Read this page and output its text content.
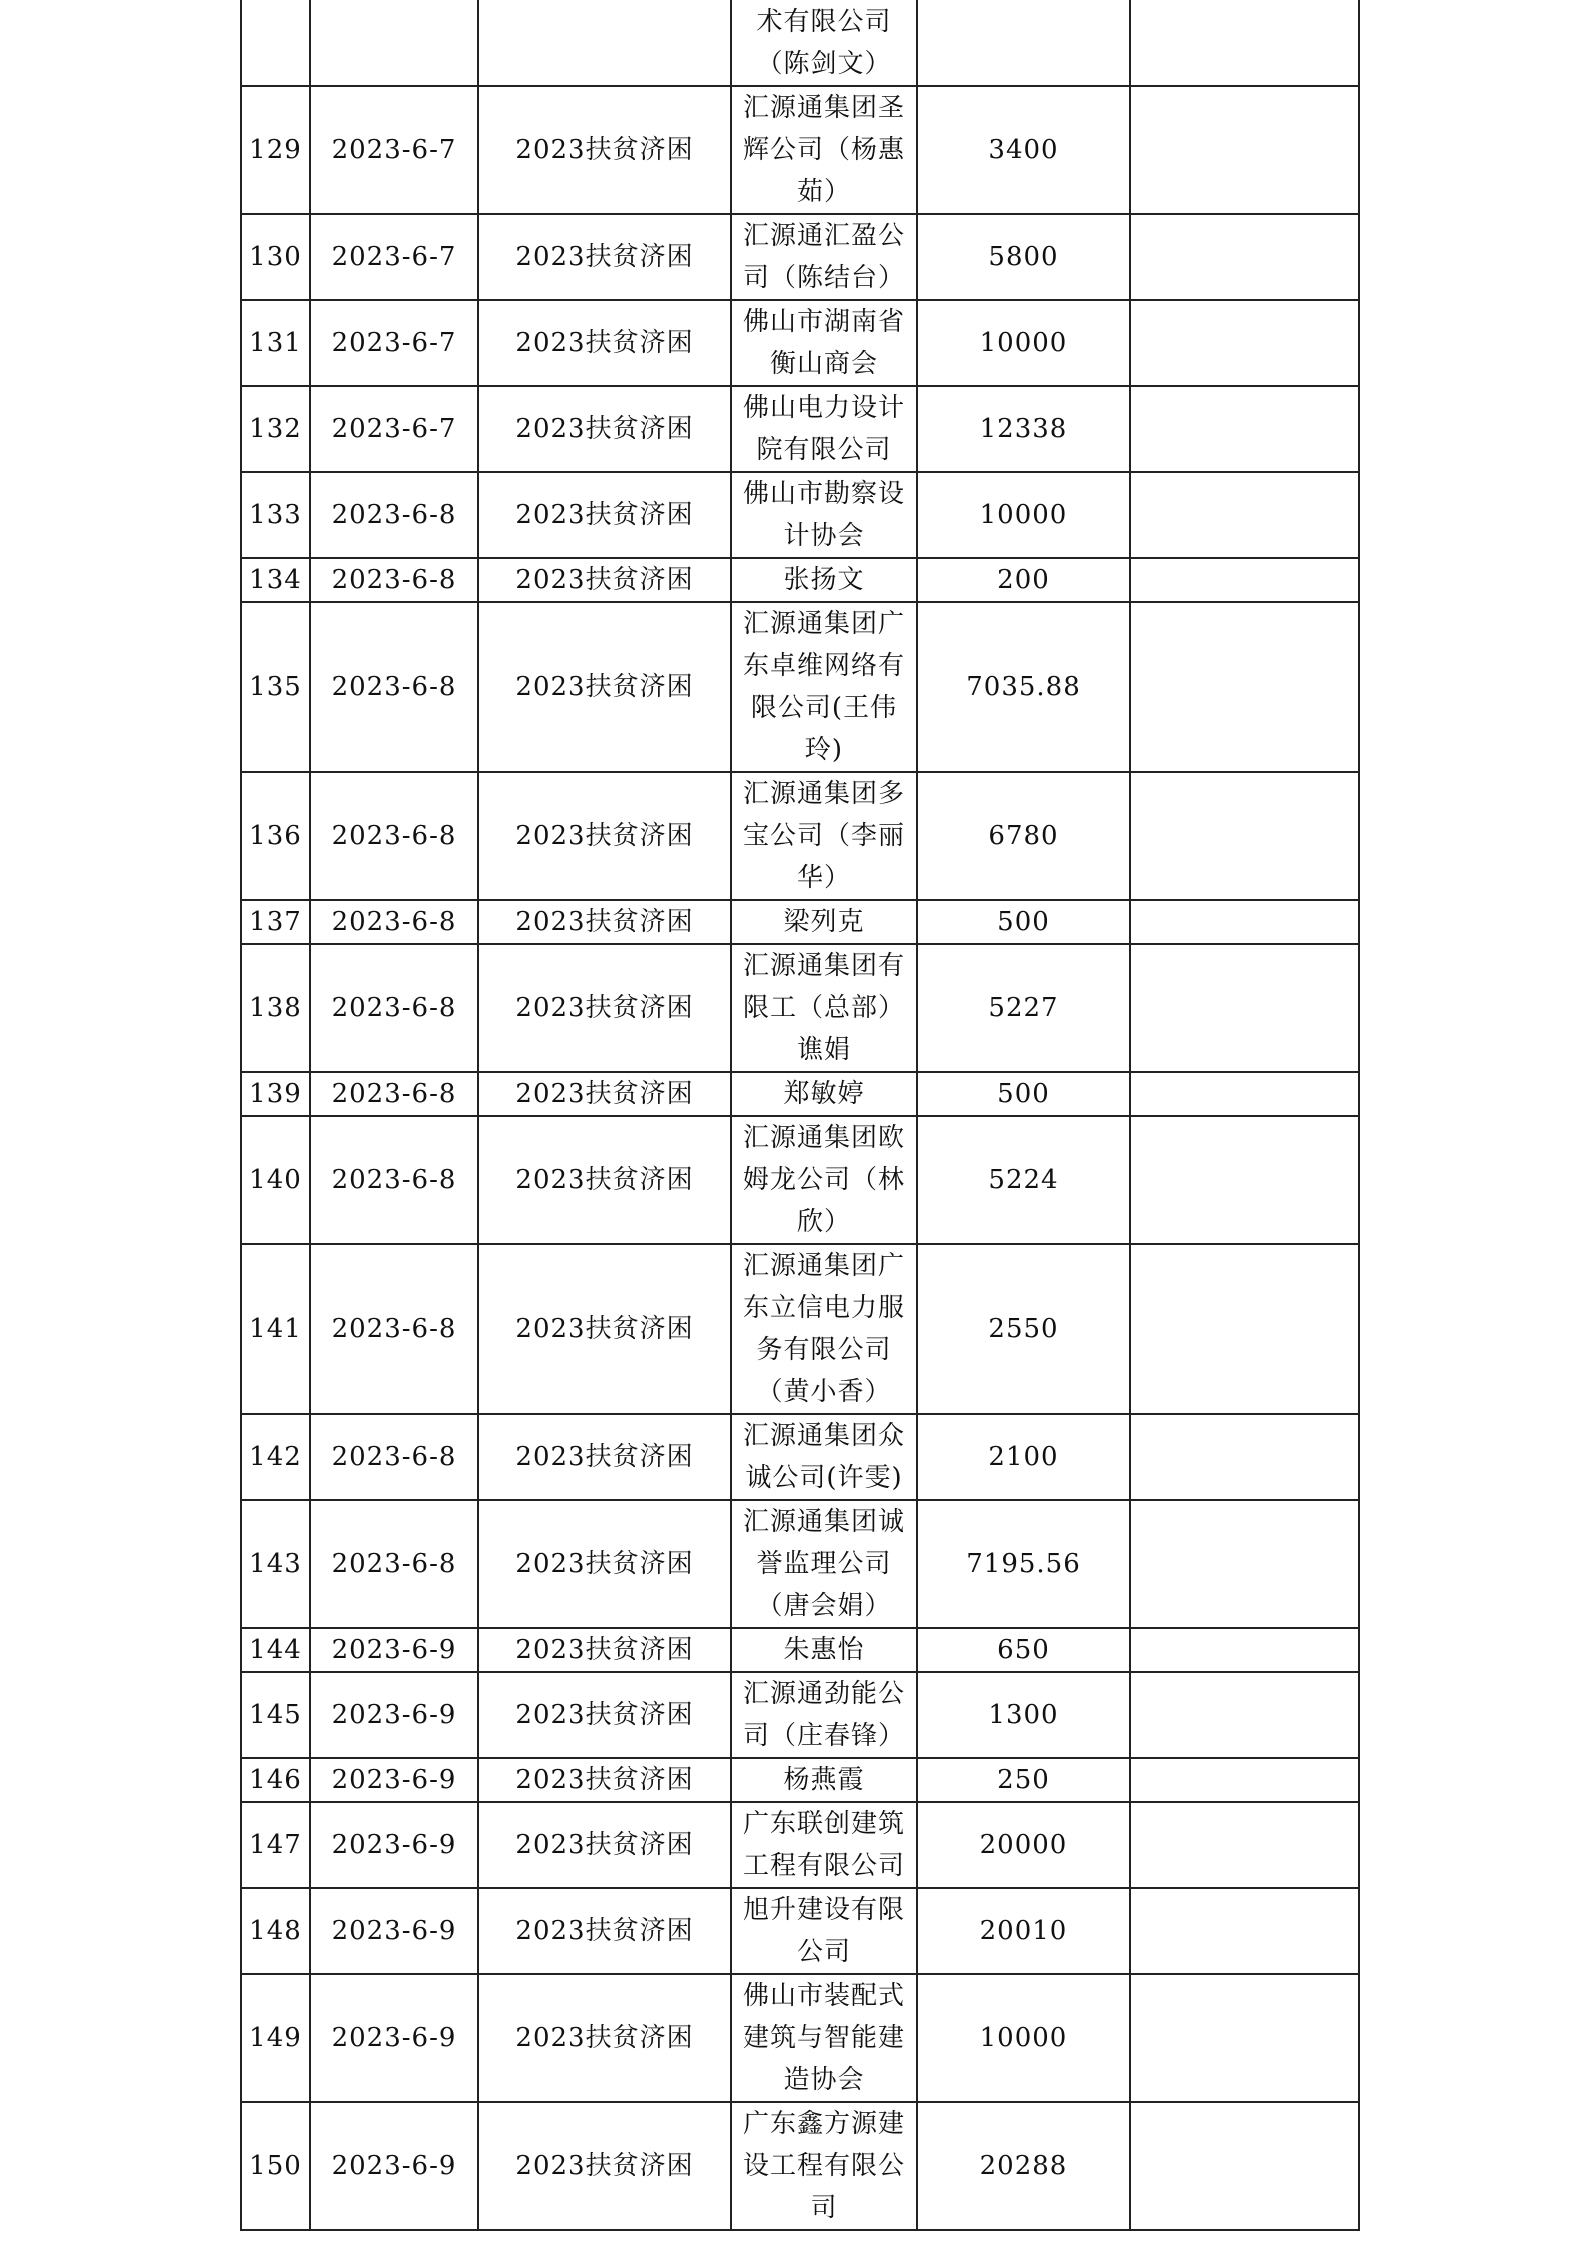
			术有限公司（陈剑文）		
129	2023-6-7	2023扶贫济困	汇源通集团圣辉公司（杨惠茹）	3400	
130	2023-6-7	2023扶贫济困	汇源通汇盈公司（陈结台）	5800	
131	2023-6-7	2023扶贫济困	佛山市湖南省衡山商会	10000	
132	2023-6-7	2023扶贫济困	佛山电力设计院有限公司	12338	
133	2023-6-8	2023扶贫济困	佛山市勘察设计协会	10000	
134	2023-6-8	2023扶贫济困	张扬文	200	
135	2023-6-8	2023扶贫济困	汇源通集团广东卓维网络有限公司(王伟玲)	7035.88	
136	2023-6-8	2023扶贫济困	汇源通集团多宝公司（李丽华）	6780	
137	2023-6-8	2023扶贫济困	梁列克	500	
138	2023-6-8	2023扶贫济困	汇源通集团有限工（总部）谯娟	5227	
139	2023-6-8	2023扶贫济困	郑敏婷	500	
140	2023-6-8	2023扶贫济困	汇源通集团欧姆龙公司（林欣）	5224	
141	2023-6-8	2023扶贫济困	汇源通集团广东立信电力服务有限公司（黄小香）	2550	
142	2023-6-8	2023扶贫济困	汇源通集团众诚公司(许雯)	2100	
143	2023-6-8	2023扶贫济困	汇源通集团诚誉监理公司（唐会娟）	7195.56	
144	2023-6-9	2023扶贫济困	朱惠怡	650	
145	2023-6-9	2023扶贫济困	汇源通劲能公司（庄春锋）	1300	
146	2023-6-9	2023扶贫济困	杨燕霞	250	
147	2023-6-9	2023扶贫济困	广东联创建筑工程有限公司	20000	
148	2023-6-9	2023扶贫济困	旭升建设有限公司	20010	
149	2023-6-9	2023扶贫济困	佛山市装配式建筑与智能建造协会	10000	
150	2023-6-9	2023扶贫济困	广东鑫方源建设工程有限公司	20288	
